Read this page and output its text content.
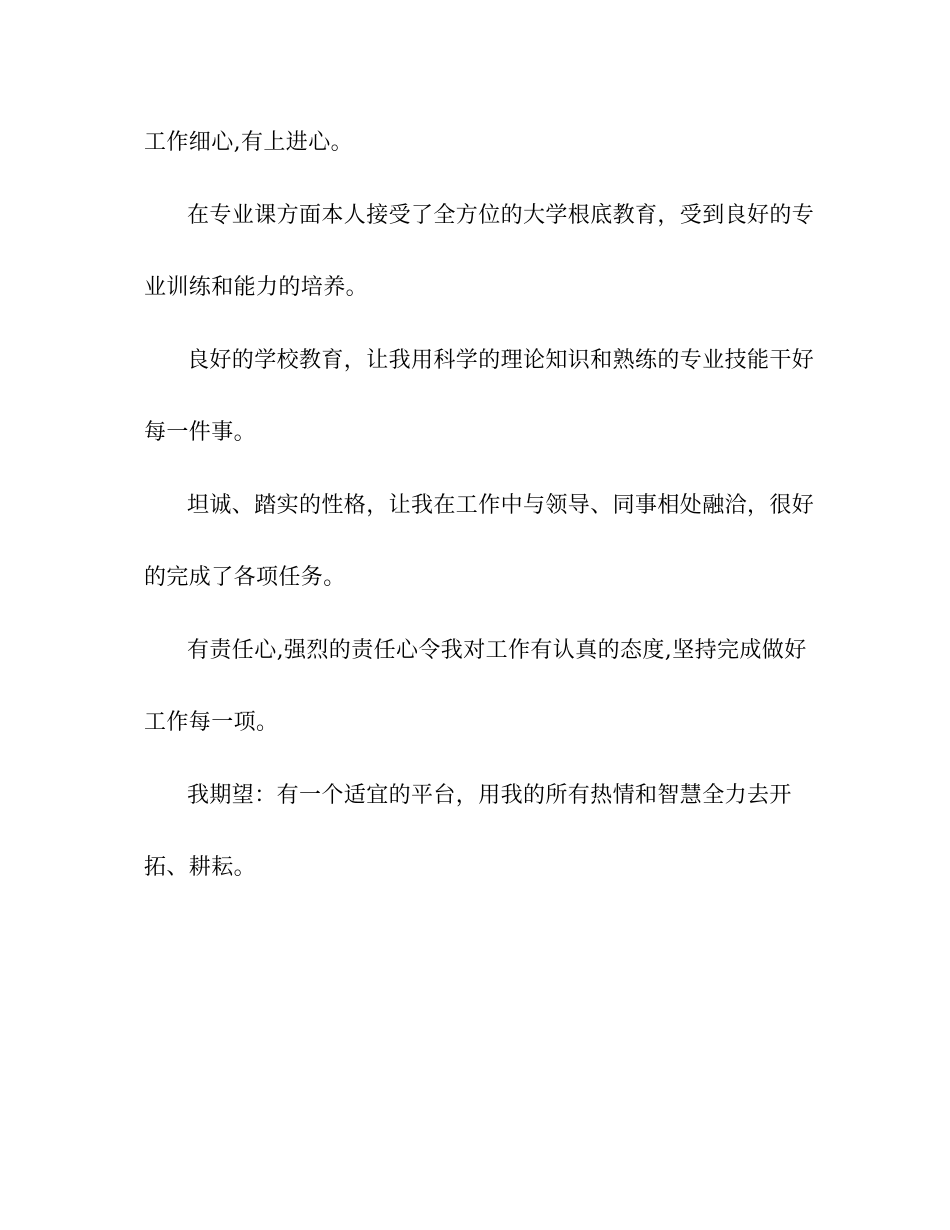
工作细心,有上进心。
在专业课方面本人接受了全方位的大学根底教育，受到良好的专
业训练和能力的培养。
良好的学校教育，让我用科学的理论知识和熟练的专业技能干好
每一件事。
坦诚、踏实的性格，让我在工作中与领导、同事相处融洽，很好
的完成了各项任务。
有责任心,强烈的责任心令我对工作有认真的态度,坚持完成做好
工作每一项。
我期望：有一个适宜的平台，用我的所有热情和智慧全力去开
拓、耕耘。
